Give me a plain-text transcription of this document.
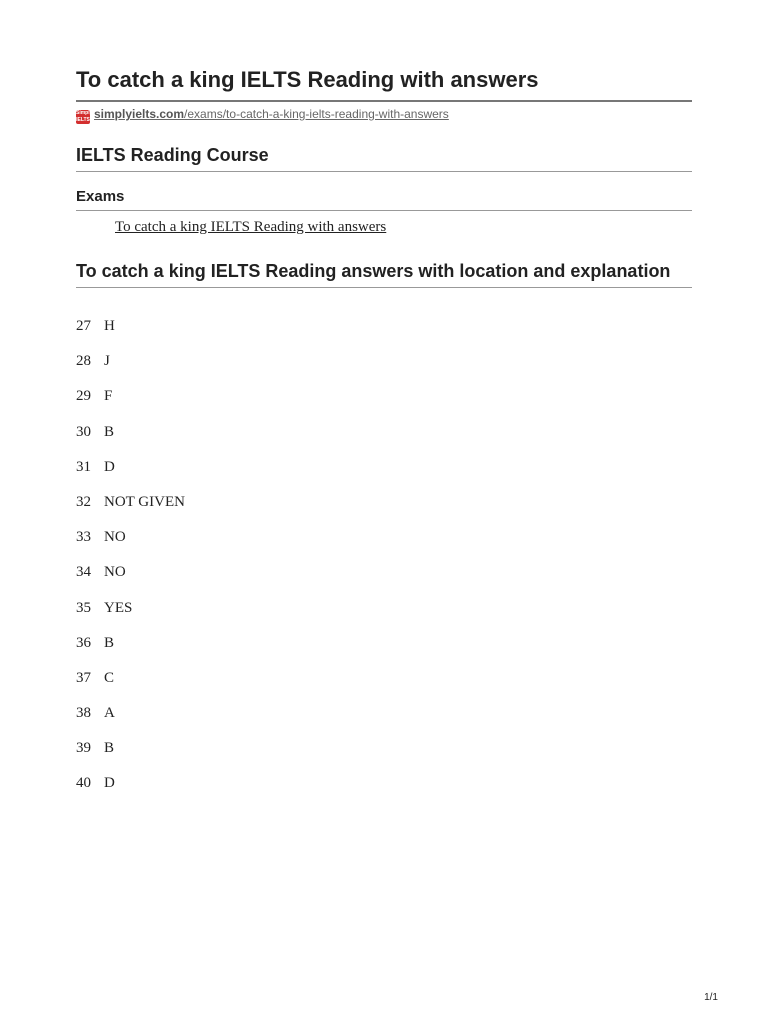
To catch a king IELTS Reading with answers
Simply
IELTS simplyielts.com/exams/to-catch-a-king-ielts-reading-with-answers
IELTS Reading Course
Exams
To catch a king IELTS Reading with answers
To catch a king IELTS Reading answers with location and explanation
27 H
28 J
29 F
30 B
31 D
32 NOT GIVEN
33 NO
34 NO
35 YES
36 B
37 C
38 A
39 B
40 D
1/1
